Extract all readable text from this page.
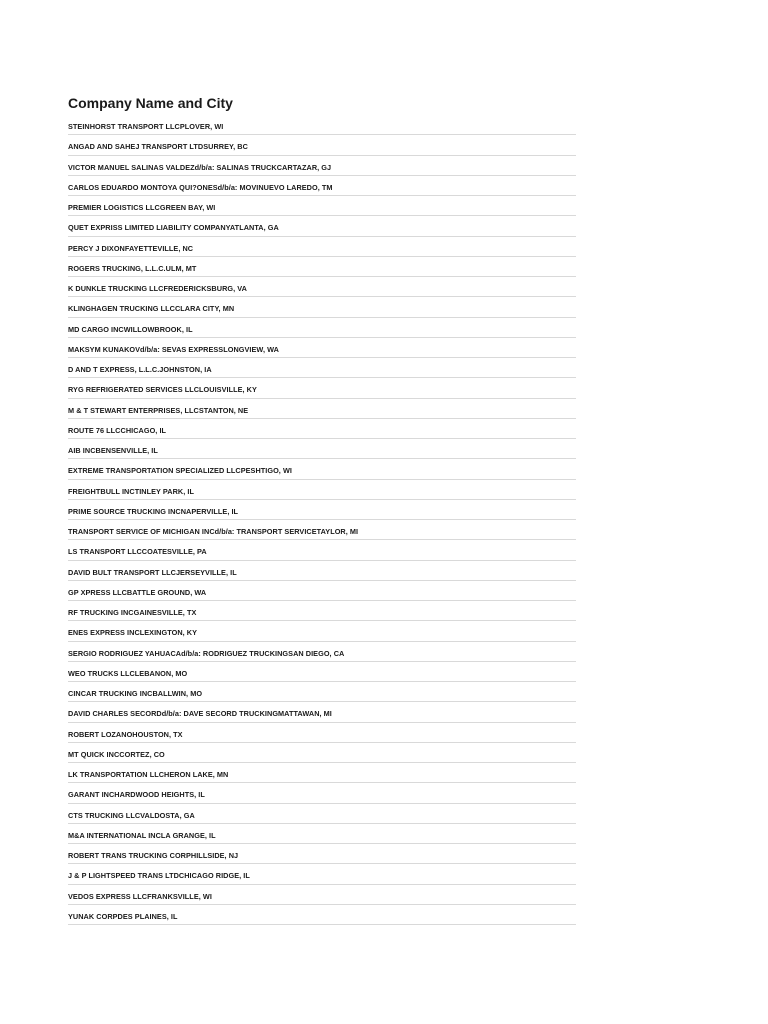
Company Name and City
STEINHORST TRANSPORT LLCPLOVER, WI
ANGAD AND SAHEJ TRANSPORT LTDSURREY, BC
VICTOR MANUEL SALINAS VALDEZd/b/a: SALINAS TRUCKCARTAZAR, GJ
CARLOS EDUARDO MONTOYA QUI?ONESd/b/a: MOVINUEVO LAREDO, TM
PREMIER LOGISTICS LLCGREEN BAY, WI
QUET EXPRISS LIMITED LIABILITY COMPANYATLANTA, GA
PERCY J DIXONFAYETTEVILLE, NC
ROGERS TRUCKING, L.L.C.ULM, MT
K DUNKLE TRUCKING LLCFREDERICKSBURG, VA
KLINGHAGEN TRUCKING LLCCLARA CITY, MN
MD CARGO INCWILLOWBROOK, IL
MAKSYM KUNAKOVd/b/a: SEVAS EXPRESSLONGVIEW, WA
D AND T EXPRESS, L.L.C.JOHNSTON, IA
RYG REFRIGERATED SERVICES LLCLOUISVILLE, KY
M & T STEWART ENTERPRISES, LLCSTANTON, NE
ROUTE 76 LLCCHICAGO, IL
AIB INCBENSENVILLE, IL
EXTREME TRANSPORTATION SPECIALIZED LLCPESHTIGO, WI
FREIGHTBULL INCTINLEY PARK, IL
PRIME SOURCE TRUCKING INCNAPERVILLE, IL
TRANSPORT SERVICE OF MICHIGAN INCd/b/a: TRANSPORT SERVICETAYLOR, MI
LS TRANSPORT LLCCOATESVILLE, PA
DAVID BULT TRANSPORT LLCJERSEYVILLE, IL
GP XPRESS LLCBATTLE GROUND, WA
RF TRUCKING INCGAINESVILLE, TX
ENES EXPRESS INCLEXINGTON, KY
SERGIO RODRIGUEZ YAHUACAd/b/a: RODRIGUEZ TRUCKINGSAN DIEGO, CA
WEO TRUCKS LLCLEBANON, MO
CINCAR TRUCKING INCBALLWIN, MO
DAVID CHARLES SECORDd/b/a: DAVE SECORD TRUCKINGMATTAWAN, MI
ROBERT LOZANOHOUSTON, TX
MT QUICK INCCORTEZ, CO
LK TRANSPORTATION LLCHERON LAKE, MN
GARANT INCHARDWOOD HEIGHTS, IL
CTS TRUCKING LLCVALDOSTA, GA
M&A INTERNATIONAL INCLA GRANGE, IL
ROBERT TRANS TRUCKING CORPHILLSIDE, NJ
J & P LIGHTSPEED TRANS LTDCHICAGO RIDGE, IL
VEDOS EXPRESS LLCFRANKSVILLE, WI
YUNAK CORPDES PLAINES, IL
